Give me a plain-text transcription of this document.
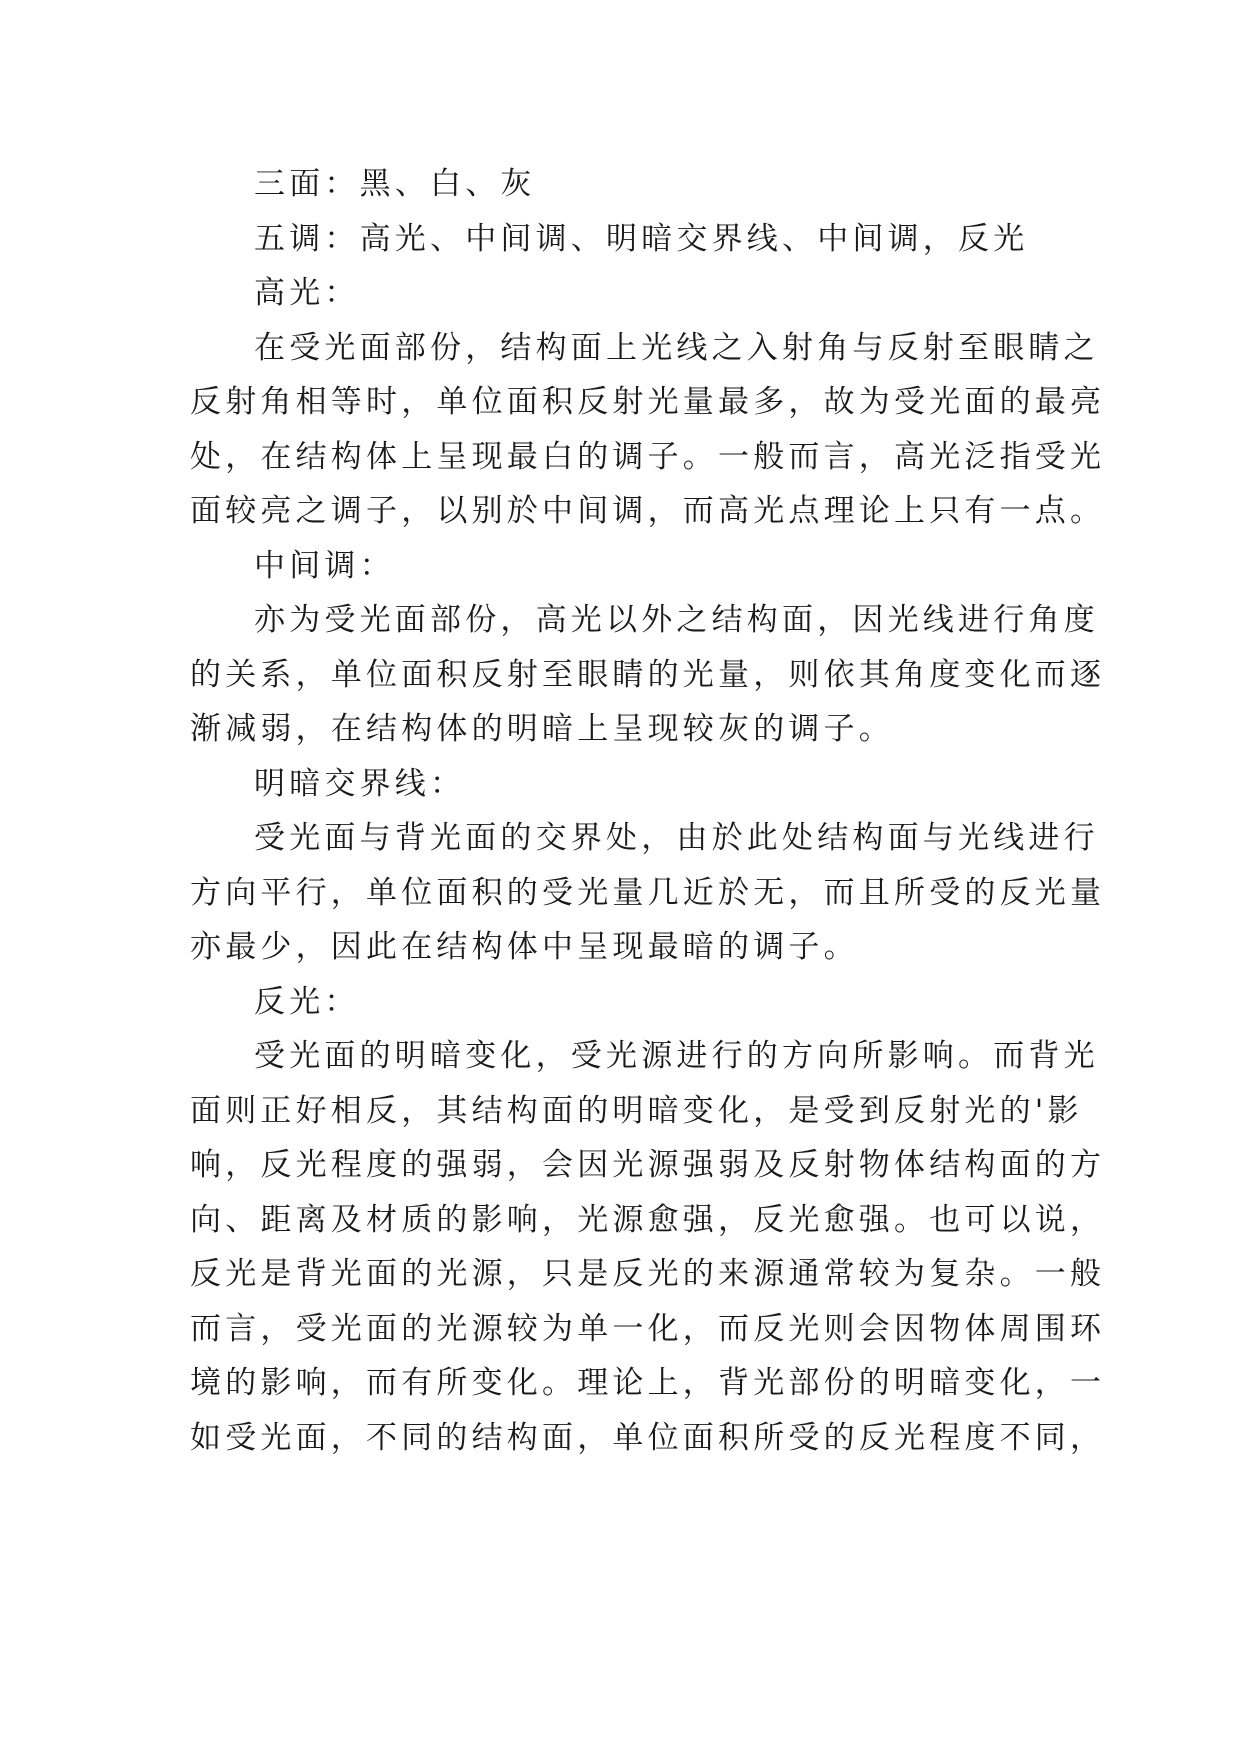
三面：黑、白、灰
五调：高光、中间调、明暗交界线、中间调，反光
高光：
在受光面部份，结构面上光线之入射角与反射至眼睛之
反射角相等时，单位面积反射光量最多，故为受光面的最亮
处，在结构体上呈现最白的调子。一般而言，高光泛指受光
面较亮之调子，以别於中间调，而高光点理论上只有一点。
中间调：
亦为受光面部份，高光以外之结构面，因光线进行角度
的关系，单位面积反射至眼睛的光量，则依其角度变化而逐
渐减弱，在结构体的明暗上呈现较灰的调子。
明暗交界线：
受光面与背光面的交界处，由於此处结构面与光线进行
方向平行，单位面积的受光量几近於无，而且所受的反光量
亦最少，因此在结构体中呈现最暗的调子。
反光：
受光面的明暗变化，受光源进行的方向所影响。而背光
面则正好相反，其结构面的明暗变化，是受到反射光的'影
响，反光程度的强弱，会因光源强弱及反射物体结构面的方
向、距离及材质的影响，光源愈强，反光愈强。也可以说，
反光是背光面的光源，只是反光的来源通常较为复杂。一般
而言，受光面的光源较为单一化，而反光则会因物体周围环
境的影响，而有所变化。理论上，背光部份的明暗变化，一
如受光面，不同的结构面，单位面积所受的反光程度不同，
